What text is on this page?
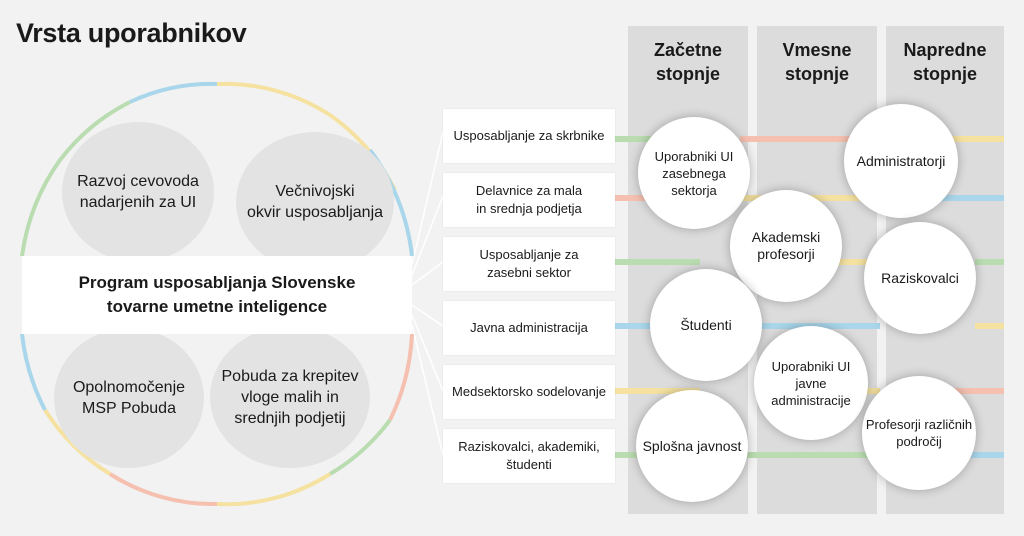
Vrsta uporabnikov
Razvoj cevovoda
nadarjenih za UI
Večnivojski
okvir usposabljanja
Opolnomočenje
MSP Pobuda
Pobuda za krepitev
vloge malih in
srednjih podjetij
Program usposabljanja Slovenske
tovarne umetne inteligence
Usposabljanje za skrbnike
Delavnice za mala
in srednja podjetja
Usposabljanje za
zasebni sektor
Javna administracija
Medsektorsko sodelovanje
Raziskovalci, akademiki,
študenti
Začetne
stopnje
Vmesne
stopnje
Napredne
stopnje
Uporabniki UI
zasebnega sektorja
Akademski
profesorji
Študenti
Uporabniki UI
javne administracije
Splošna javnost
Administratorji
Raziskovalci
Profesorji različnih
področij
